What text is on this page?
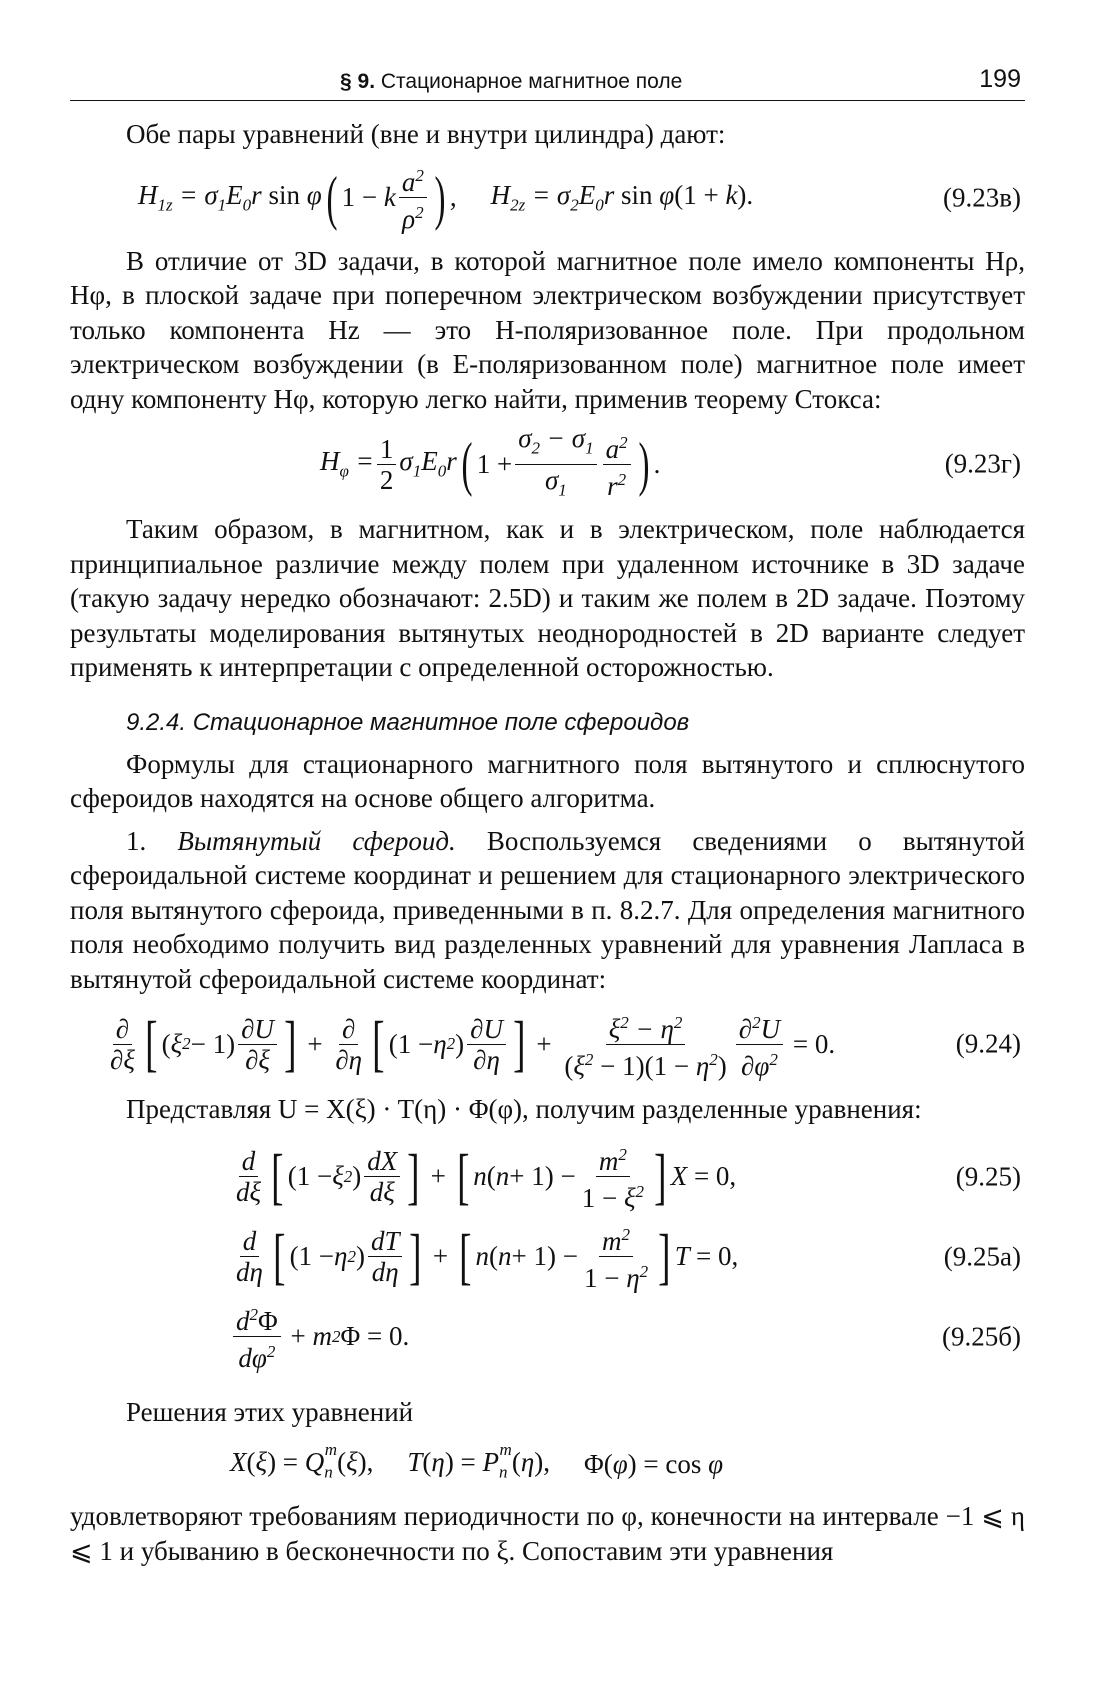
§ 9. Стационарное магнитное поле	199

Обе пары уравнений (вне и внутри цилиндра) дают:

$H_{1z} = \sigma_1E_0r$ sin φ ( 1 −
k $\frac{a^2}{\rho^2}$ ) , $H_{2z} = \sigma_2E_0r$ sin φ(1 + k).	(9.23в)

В отличие от 3D задачи, в которой магнитное поле имело компоненты Hρ, Hφ, в плоской задаче при поперечном электрическом возбуждении присутствует только компонента Hz — это H-поляризованное поле. При продольном электрическом возбуждении (в E-поляризованном поле) магнитное поле имеет одну компоненту Hφ, которую легко найти, применив теорему Стокса:

$H_\varphi = \frac{1}{2} \sigma_1E_0r$ ( $1 + \frac{\sigma_2 - \sigma_1}{\sigma_1} \frac{a^2}{r^2}$ ) .	(9.23г)

Таким образом, в магнитном, как и в электрическом, поле наблюдается принципиальное различие между полем при удаленном источнике в 3D задаче (такую задачу нередко обозначают: 2.5D) и таким же полем в 2D задаче. Поэтому результаты моделирования вытянутых неоднородностей в 2D варианте следует применять к интерпретации с определенной осторожностью.

9.2.4. Стационарное магнитное поле сфероидов

Формулы для стационарного магнитного поля вытянутого и сплюснутого сфероидов находятся на основе общего алгоритма.

1. Вытянутый сфероид. Воспользуемся сведениями о вытянутой сфероидальной системе координат и решением для стационарного электрического поля вытянутого сфероида, приведенными в п. 8.2.7. Для определения магнитного поля необходимо получить вид разделенных уравнений для уравнения Лапласа в вытянутой сфероидальной системе координат:

$\frac{\partial}{\partial\xi}$ [ ( ξ $2 - 1) \frac{\partial U}{\partial\xi}$ ] + $\frac{\partial}{\partial\eta}$ [ (1 − η 2 ) $\frac{\partial U}{\partial\eta}$ ] + $\frac{\xi^2 - \eta^2}{(\xi^2 - 1)(1 - \eta^2)} \frac{\partial^2U}{\partial\varphi^2} = 0$.	(9.24)

Представляя U = X(ξ) · T(η) · Φ(φ), получим разделенные уравнения:

$\frac{d}{d\xi}$ [ (1 − ξ 2 ) $\frac{dX}{d\xi}$ ] + [ n ( $n + 1) - \frac{m^2}{1 - \xi^2}$ ] X = 0,	(9.25)
$\frac{d}{d\eta}$ [ (1 − η 2 ) $\frac{dT}{d\eta}$ ] + [ n ( $n + 1) - \frac{m^2}{1 - \eta^2}$ ] T = 0,	(9.25а)
$\frac{d^2\Phi}{d\varphi^2} + m$ 2 Φ = 0.	(9.25б)

Решения этих уравнений

$X(\xi) = Q_n^m(\xi)$, $T(\eta) = P_n^m(\eta)$, Φ(φ) = cos φ

удовлетворяют требованиям периодичности по φ, конечности на интервале −1 ⩽ η ⩽ 1 и убыванию в бесконечности по ξ. Сопоставим эти уравнения
